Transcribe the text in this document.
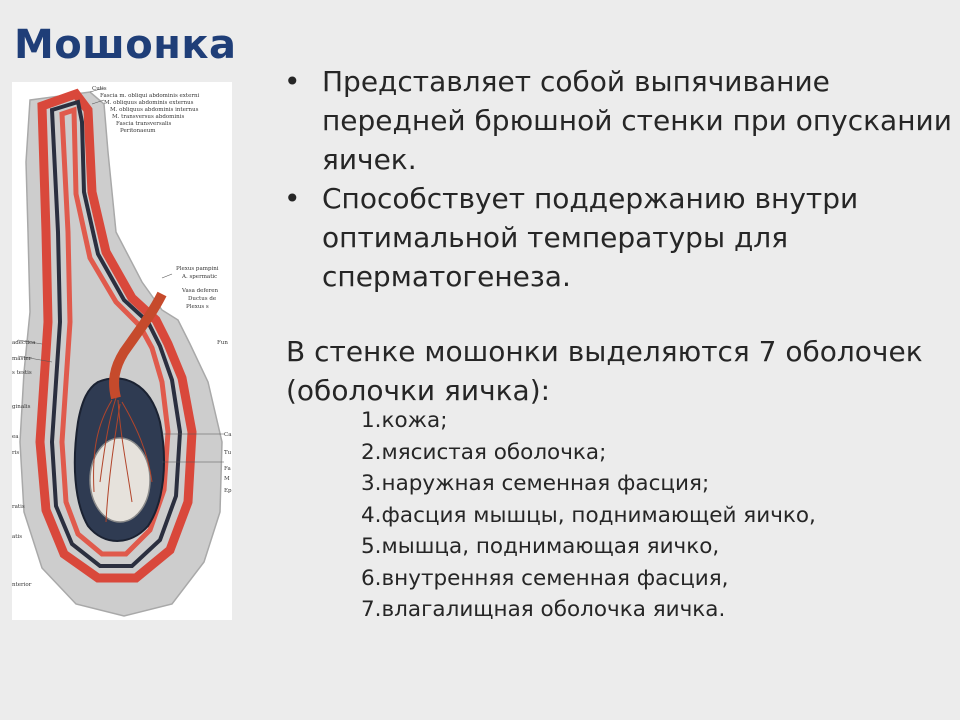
Мошонка
Cutis
Fascia m. obliqui abdominis externi
M. obliquus abdominis externus
M. obliquus abdominis internus
M. transversus abdominis
Fascia transversalis
Peritonaeum
Plexus pampini
A. spermatic
Vasa deferen
Ductus de
Plexus s
Fun
adectica
master
s testis
ginalis
ea
ris
ratis
atis
nterior
Ca
Tu
Fa
M
Ep
• Представляет собой выпячивание передней брюшной стенки при опускании яичек.
• Способствует поддержанию внутри оптимальной температуры для сперматогенеза.
В стенке мошонки выделяются 7 оболочек (оболочки яичка):
1.кожа;
2.мясистая оболочка;
3.наружная семенная фасция;
4.фасция мышцы, поднимающей яичко,
5.мышца, поднимающая яичко,
6.внутренняя семенная фасция,
7.влагалищная оболочка яичка.
